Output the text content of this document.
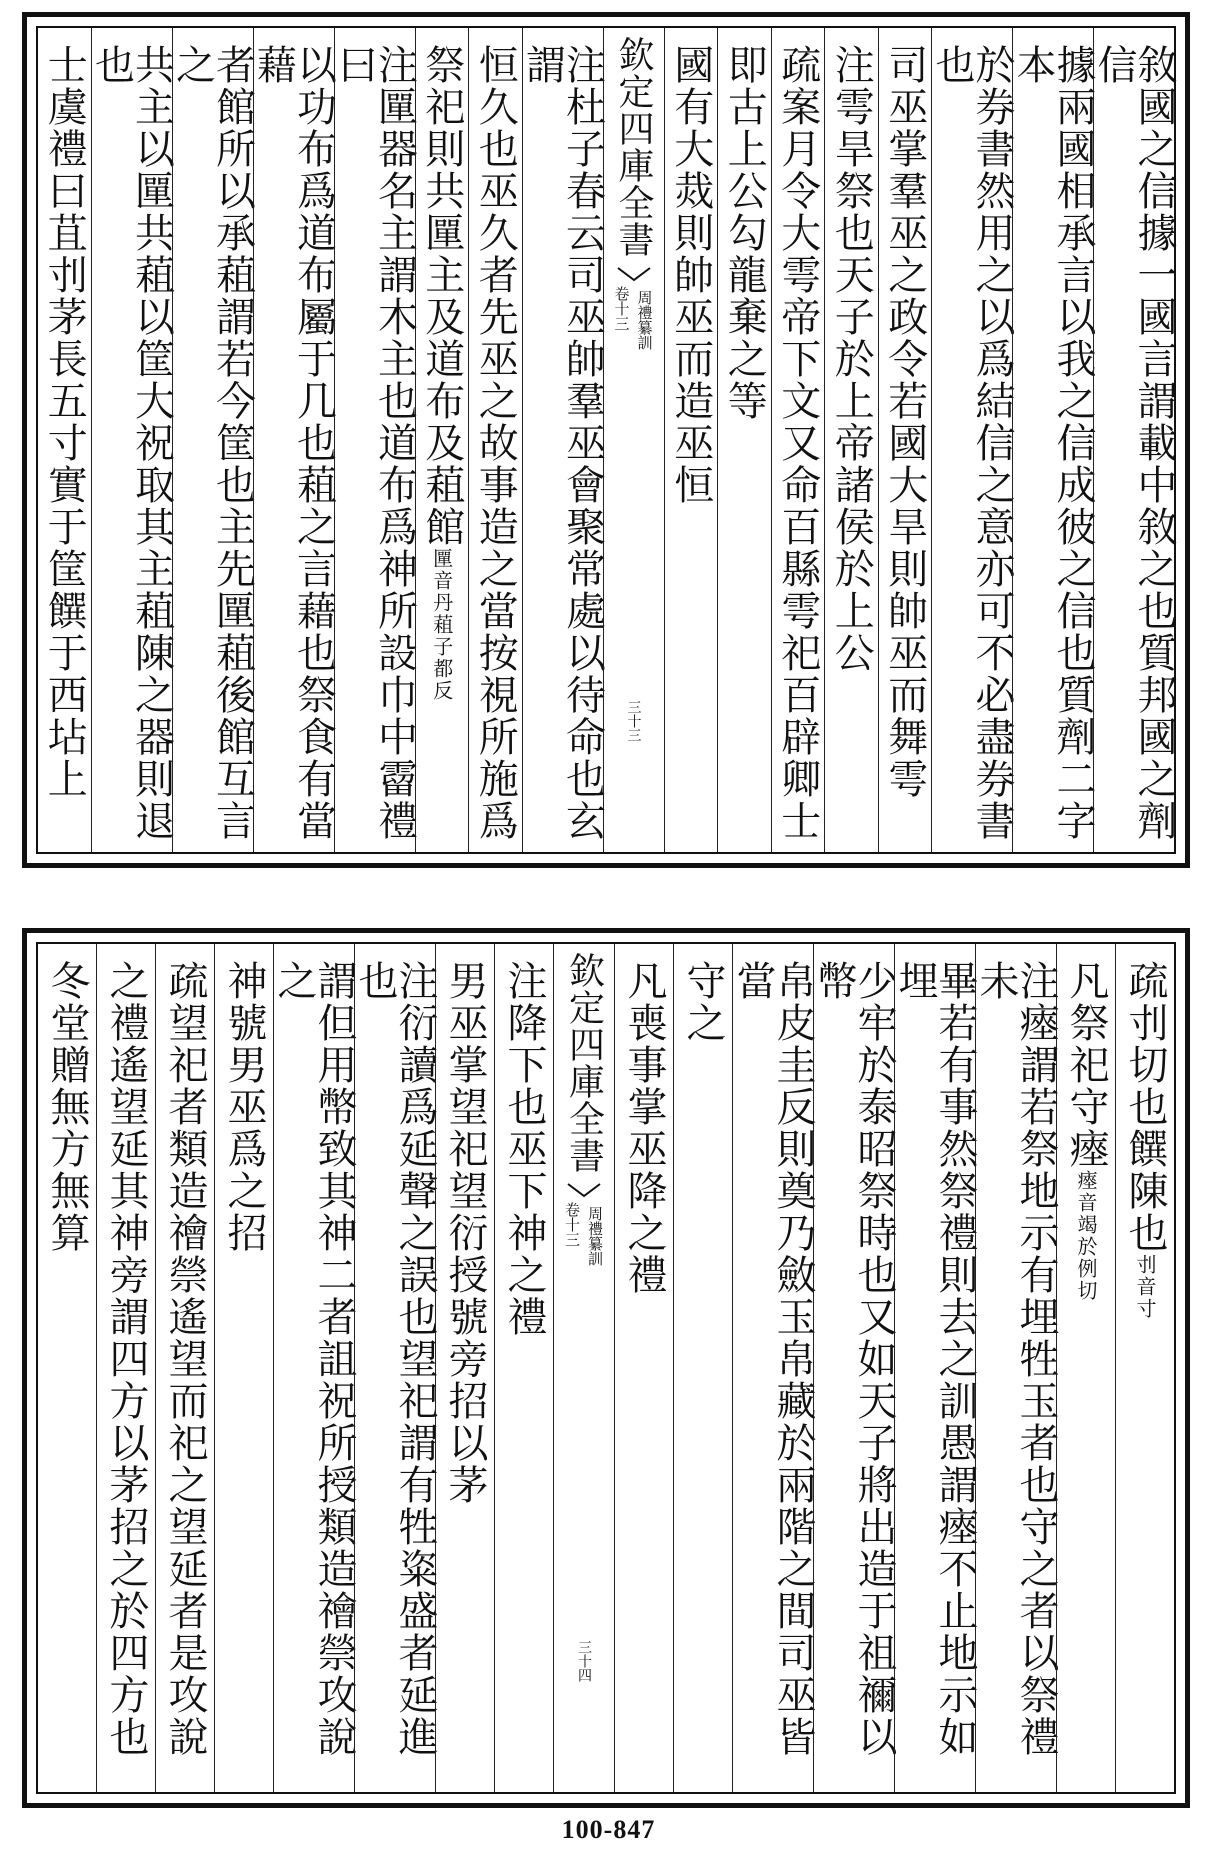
敘國之信據一國言謂載中敘之也質邦國之劑信
據兩國相承言以我之信成彼之信也質劑二字本
於券書然用之以爲結信之意亦可不必盡券書也
司巫掌羣巫之政令若國大旱則帥巫而舞雩
注雩旱祭也天子於上帝諸侯於上公
疏案月令大雩帝下文又命百縣雩祀百辟卿士
即古上公勾龍棄之等
國有大烖則帥巫而造巫恒
欽定四庫全書
周禮纂訓
卷十三
三十三
注杜子春云司巫帥羣巫會聚常處以待命也玄謂
恒久也巫久者先巫之故事造之當按視所施爲
祭祀則共匰主及道布及蒩館匰音丹蒩子都反
注匰器名主謂木主也道布爲神所設巾中霤禮曰
以功布爲道布屬于几也蒩之言藉也祭食有當藉
者館所以承蒩謂若今筐也主先匰蒩後館互言之
共主以匰共蒩以筐大祝取其主蒩陳之器則退也
士虞禮曰苴刌茅長五寸實于筐饌于西坫上
疏刌切也饌陳也刌音寸
凡祭祀守瘞瘞音竭於例切
注瘞謂若祭地示有埋牲玉者也守之者以祭禮未
畢若有事然祭禮則去之訓愚謂瘞不止地示如埋
少牢於泰昭祭時也又如天子將出造于祖禰以幣
帛皮圭反則奠乃斂玉帛藏於兩階之間司巫皆當
守之
凡喪事掌巫降之禮
欽定四庫全書
周禮纂訓
卷十三
三十四
注降下也巫下神之禮
男巫掌望祀望衍授號旁招以茅
注衍讀爲延聲之誤也望祀謂有牲粢盛者延進也
謂但用幣致其神二者詛祝所授類造禬禜攻說之
神號男巫爲之招
疏望祀者類造禬禜遙望而祀之望延者是攻說
之禮遙望延其神旁謂四方以茅招之於四方也
冬堂贈無方無算
100-847
